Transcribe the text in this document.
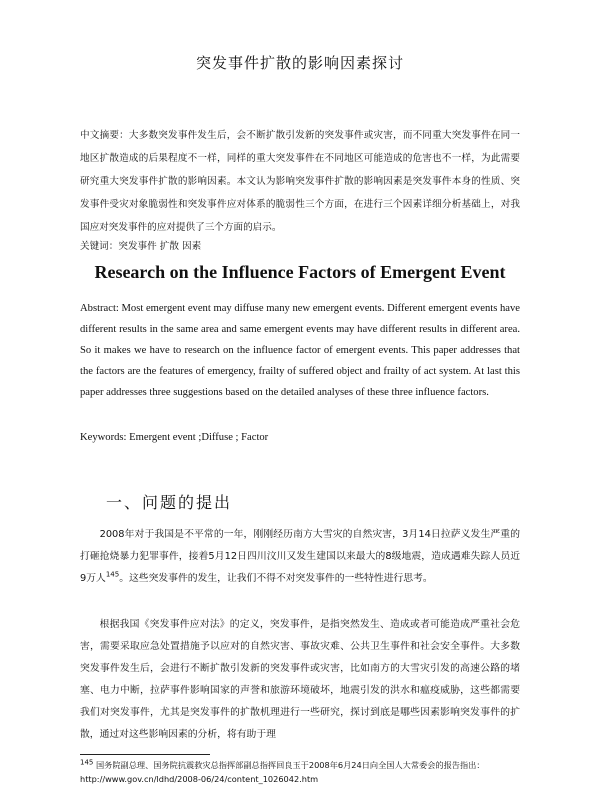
突发事件扩散的影响因素探讨
中文摘要：大多数突发事件发生后，会不断扩散引发新的突发事件或灾害，而不同重大突发事件在同一地区扩散造成的后果程度不一样，同样的重大突发事件在不同地区可能造成的危害也不一样，为此需要研究重大突发事件扩散的影响因素。本文认为影响突发事件扩散的影响因素是突发事件本身的性质、突发事件受灾对象脆弱性和突发事件应对体系的脆弱性三个方面，在进行三个因素详细分析基础上，对我国应对突发事件的应对提供了三个方面的启示。
关键词：突发事件 扩散 因素
Research on the Influence Factors of Emergent Event
Abstract: Most emergent event may diffuse many new emergent events. Different emergent events have different results in the same area and same emergent events may have different results in different area. So it makes we have to research on the influence factor of emergent events. This paper addresses that the factors are the features of emergency, frailty of suffered object and frailty of act system. At last this paper addresses three suggestions based on the detailed analyses of these three influence factors.
Keywords: Emergent event ;Diffuse ; Factor
一、问题的提出
2008年对于我国是不平常的一年，刚刚经历南方大雪灾的自然灾害，3月14日拉萨义发生严重的打砸抢烧暴力犯罪事件，接着5月12日四川汶川又发生建国以来最大的8级地震，造成遇难失踪人员近9万人$^{145}$。这些突发事件的发生，让我们不得不对突发事件的一些特性进行思考。
根据我国《突发事件应对法》的定义，突发事件，是指突然发生、造成或者可能造成严重社会危害，需要采取应急处置措施予以应对的自然灾害、事故灾难、公共卫生事件和社会安全事件。大多数突发事件发生后，会进行不断扩散引发新的突发事件或灾害，比如南方的大雪灾引发的高速公路的堵塞、电力中断，拉萨事件影响国家的声誉和旅游环境破坏，地震引发的洪水和瘟疫威胁，这些都需要我们对突发事件，尤其是突发事件的扩散机理进行一些研究，探讨到底是哪些因素影响突发事件的扩散，通过对这些影响因素的分析，将有助于理
$^{145}$ 国务院副总理、国务院抗震救灾总指挥部副总指挥回良玉于2008年6月24日向全国人大常委会的报告指出：http://www.gov.cn/ldhd/2008-06/24/content_1026042.htm
